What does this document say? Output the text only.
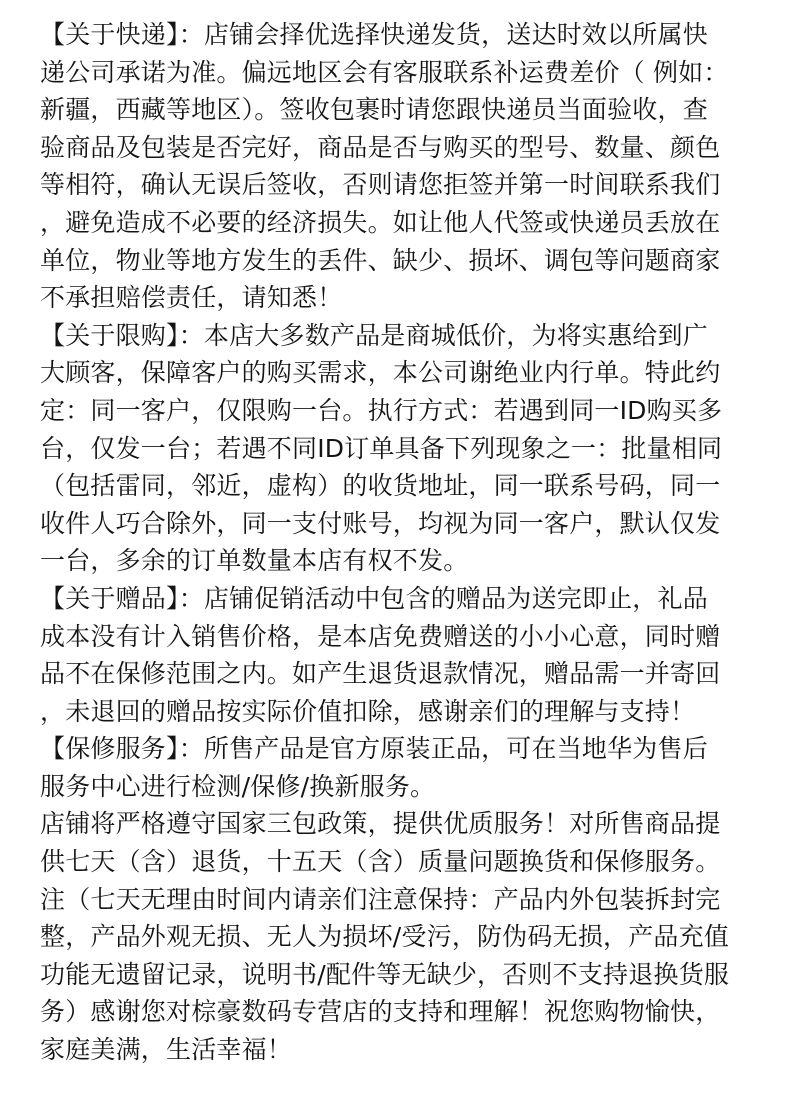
【关于快递】：店铺会择优选择快递发货，送达时效以所属快
递公司承诺为准。偏远地区会有客服联系补运费差价（ 例如：
新疆，西藏等地区）。签收包裹时请您跟快递员当面验收，查
验商品及包装是否完好，商品是否与购买的型号、数量、颜色
等相符，确认无误后签收，否则请您拒签并第一时间联系我们
，避免造成不必要的经济损失。如让他人代签或快递员丢放在
单位，物业等地方发生的丢件、缺少、损坏、调包等问题商家
不承担赔偿责任，请知悉！
【关于限购】：本店大多数产品是商城低价，为将实惠给到广
大顾客，保障客户的购买需求，本公司谢绝业内行单。特此约
定：同一客户，仅限购一台。执行方式：若遇到同一ID购买多
台，仅发一台；若遇不同ID订单具备下列现象之一：批量相同
（包括雷同，邻近，虚构）的收货地址，同一联系号码，同一
收件人巧合除外，同一支付账号，均视为同一客户，默认仅发
一台，多余的订单数量本店有权不发。
【关于赠品】：店铺促销活动中包含的赠品为送完即止，礼品
成本没有计入销售价格，是本店免费赠送的小小心意，同时赠
品不在保修范围之内。如产生退货退款情况，赠品需一并寄回
，未退回的赠品按实际价值扣除，感谢亲们的理解与支持！
【保修服务】：所售产品是官方原装正品，可在当地华为售后
服务中心进行检测/保修/换新服务。
店铺将严格遵守国家三包政策，提供优质服务！对所售商品提
供七天（含）退货，十五天（含）质量问题换货和保修服务。
注（七天无理由时间内请亲们注意保持：产品内外包装拆封完
整，产品外观无损、无人为损坏/受污，防伪码无损，产品充值
功能无遗留记录，说明书/配件等无缺少，否则不支持退换货服
务）感谢您对棕豪数码专营店的支持和理解！祝您购物愉快，
家庭美满，生活幸福！
